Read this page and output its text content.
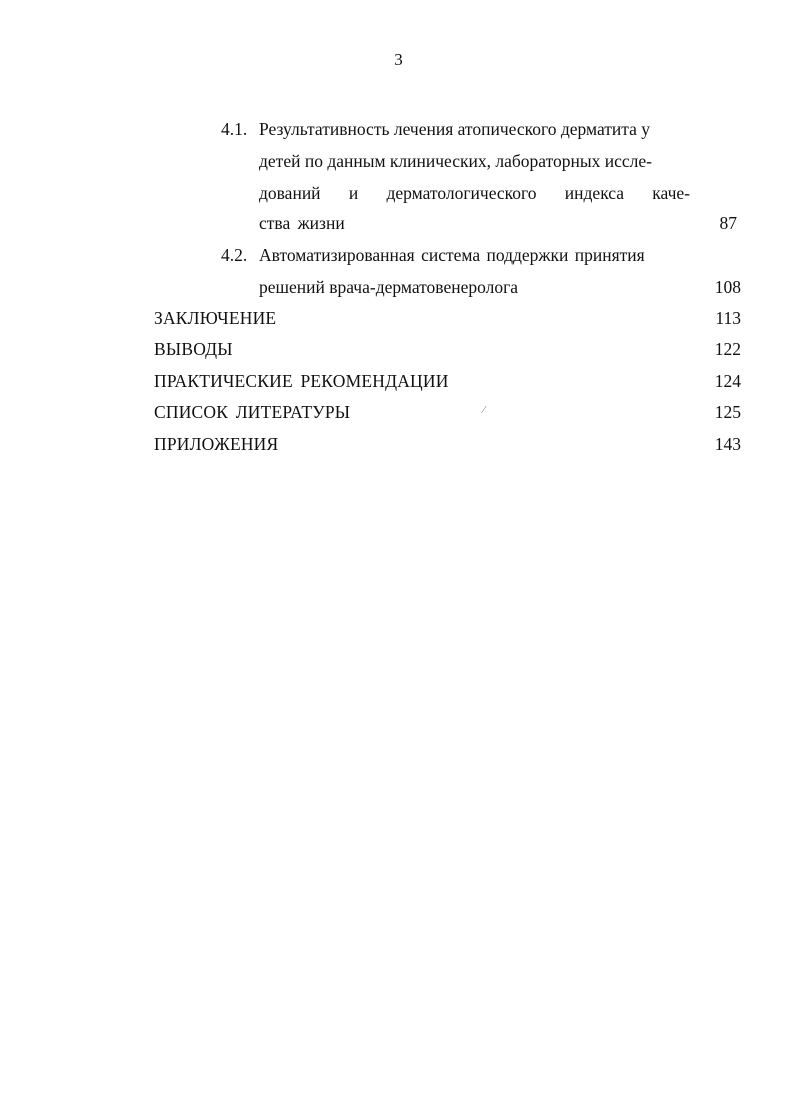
3
4.1. Результативность лечения атопического дерматита у
детей по данным клинических, лабораторных иссле-
дований и дерматологического индекса каче-
ства жизни	87
4.2. Автоматизированная система поддержки принятия
решений врача-дерматовенеролога	108
ЗАКЛЮЧЕНИЕ	113
ВЫВОДЫ	122
ПРАКТИЧЕСКИЕ РЕКОМЕНДАЦИИ	124
СПИСОК ЛИТЕРАТУРЫ	125
ПРИЛОЖЕНИЯ	143
⁄
